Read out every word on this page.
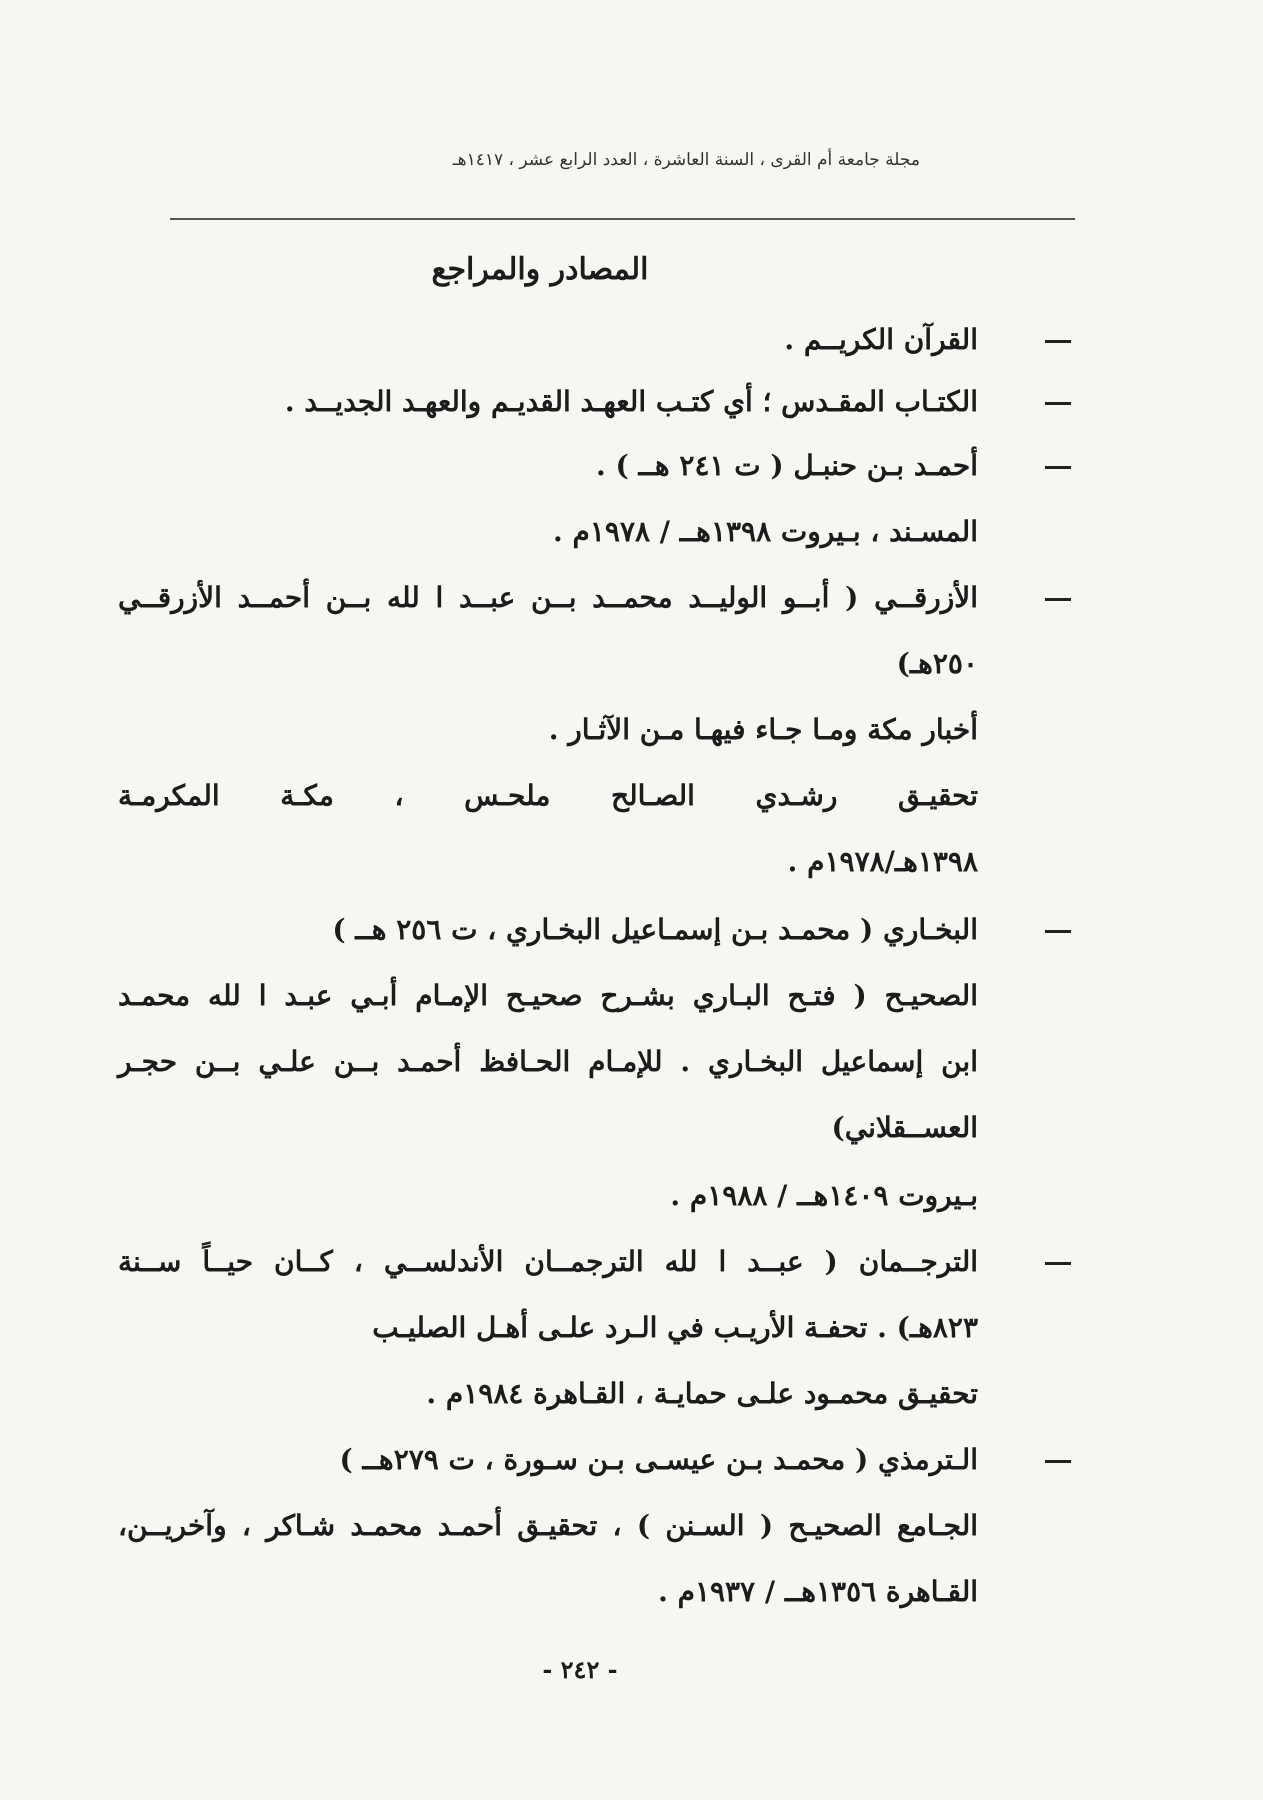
مجلة جامعة أم القرى ، السنة العاشرة ، العدد الرابع عشر ، ١٤١٧هـ
المصادر والمراجع
القرآن الكريــم .
الكتـاب المقـدس ؛ أي كتـب العهـد القديـم والعهـد الجديــد .
أحمـد بـن حنبـل ( ت ٢٤١ هــ ) .
المسـند ، بـيروت ١٣٩٨هــ / ١٩٧٨م .
الأزرقــي ( أبــو الوليــد محمــد بــن عبــد ا لله بــن أحمــد الأزرقــي
٢٥٠هـ)
أخبار مكة ومـا جـاء فيهـا مـن الآثـار .
تحقيـق رشـدي الصـالح ملحـس ، مكـة المكرمـة
١٣٩٨هـ/١٩٧٨م .
البخـاري ( محمـد بـن إسمـاعيل البخـاري ، ت ٢٥٦ هــ )
الصحيـح ( فتـح البـاري بشـرح صحيـح الإمـام أبـي عبـد ا لله محمـد
ابن إسماعيل البخـاري . للإمـام الحـافظ أحمـد بــن علـي بــن حجـر
العســقلاني)
بـيروت ١٤٠٩هــ / ١٩٨٨م .
الترجــمان ( عبــد ا لله الترجمــان الأندلســي ، كــان حيــاً ســنة
٨٢٣هـ) . تحفـة الأريـب في الـرد علـى أهـل الصليـب
تحقيـق محمـود علـى حمايـة ، القـاهرة ١٩٨٤م .
الـترمذي ( محمـد بـن عيسـى بـن سـورة ، ت ٢٧٩هــ )
الجـامع الصحيـح ( السـنن ) ، تحقيـق أحمـد محمـد شـاكر ، وآخريــن،
القـاهرة ١٣٥٦هــ / ١٩٣٧م .
- ٢٤٢ -
